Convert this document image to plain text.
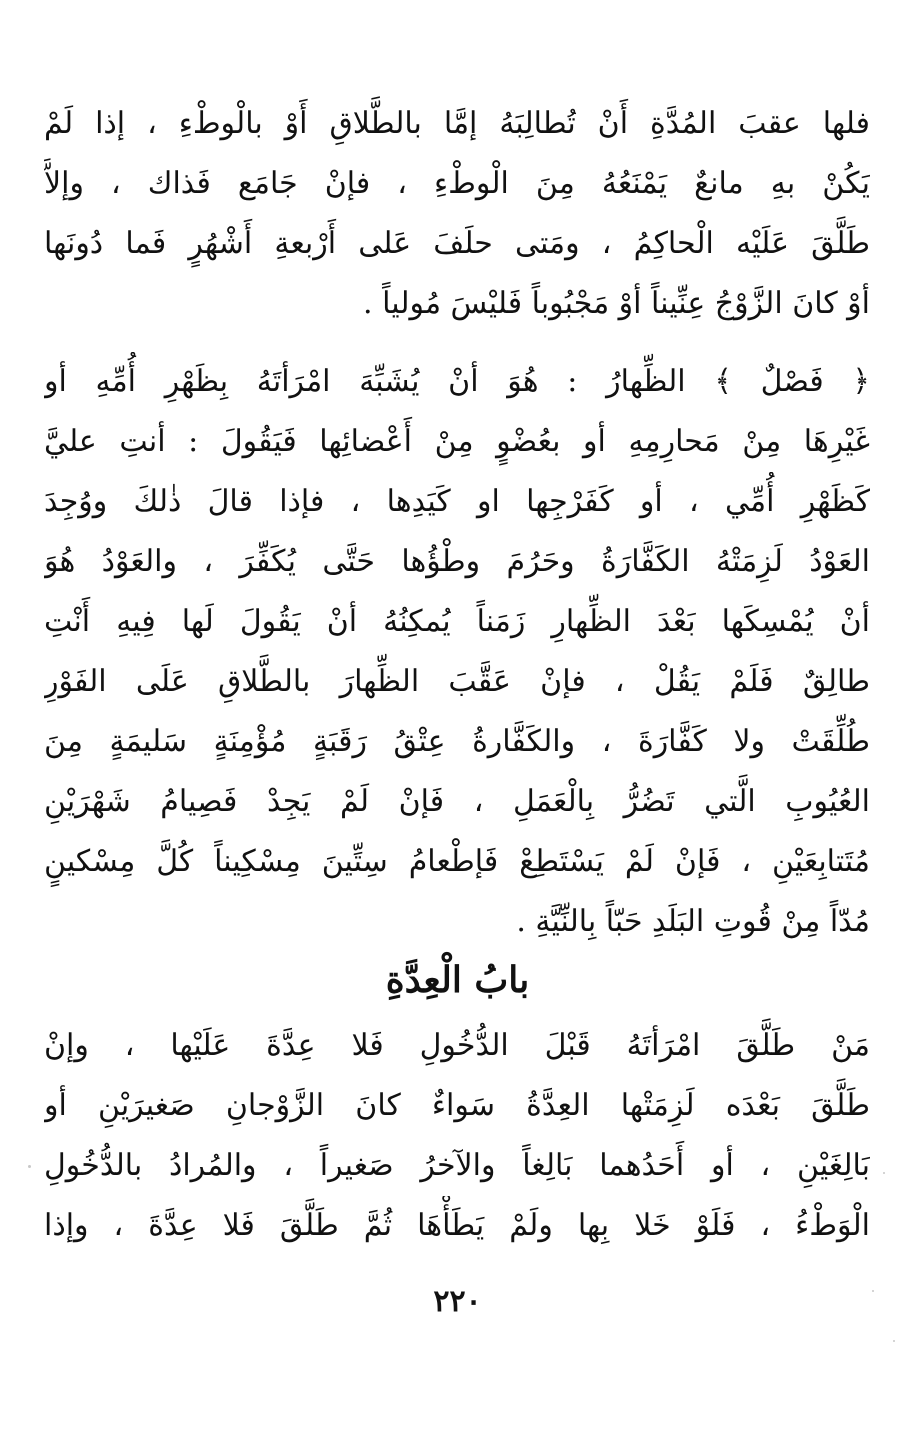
فلها عقبَ المُدَّةِ أَنْ تُطالِبَهُ إمَّا بالطَّلاقِ أَوْ بالْوطْءِ ، إذا لَمْ
يَكُنْ بهِ مانعٌ يَمْنَعُهُ مِنَ الْوطْءِ ، فإنْ جَامَع فَذاك ، وإلاَّ
طَلَّقَ عَلَيْه الْحاكِمُ ، ومَتى حلَفَ عَلى أَرْبعةِ أَشْهُرٍ فَما دُونَها
أوْ كانَ الزَّوْجُ عِنِّيناً أوْ مَجْبُوباً فَليْسَ مُولياً .
﴿ فَصْلٌ ﴾ الظِّهارُ : هُوَ أنْ يُشَبِّهَ امْرَأتَهُ بِظَهْرِ أُمِّهِ أو
غَيْرِهَا مِنْ مَحارِمِهِ أو بعُضْوٍ مِنْ أَعْضائِها فَيَقُولَ : أنتِ عليَّ
كَظَهْرِ أُمِّي ، أو كَفَرْجِها او كَيَدِها ، فإذا قالَ ذٰلكَ ووُجِدَ
العَوْدُ لَزِمَتْهُ الكَفَّارَةُ وحَرُمَ وطْؤُها حَتَّى يُكَفِّرَ ، والعَوْدُ هُوَ
أنْ يُمْسِكَها بَعْدَ الظِّهارِ زَمَناً يُمكِنُهُ أنْ يَقُولَ لَها فِيهِ أَنْتِ
طالِقٌ فَلَمْ يَقُلْ ، فإنْ عَقَّبَ الظِّهارَ بالطَّلاقِ عَلَى الفَوْرِ
طُلِّقَتْ ولا كَفَّارَةَ ، والكَفَّارةُ عِتْقُ رَقَبَةٍ مُؤْمِنَةٍ سَليمَةٍ مِنَ
العُيُوبِ الَّتي تَضُرُّ بِالْعَمَلِ ، فَإنْ لَمْ يَجِدْ فَصِيامُ شَهْرَيْنِ
مُتَتابِعَيْنِ ، فَإنْ لَمْ يَسْتَطِعْ فَإطْعامُ سِتِّينَ مِسْكِيناً كُلَّ مِسْكينٍ
مُدّاً مِنْ قُوتِ البَلَدِ حَبّاً بِالنِّيَّةِ .
بابُ الْعِدَّةِ
مَنْ طَلَّقَ امْرَأتَهُ قَبْلَ الدُّخُولِ فَلا عِدَّةَ عَلَيْها ، وإنْ
طَلَّقَ بَعْدَه لَزِمَتْها العِدَّةُ سَواءٌ كانَ الزَّوْجانِ صَغيرَيْنِ أو
بَالِغَيْنِ ، أو أَحَدُهما بَالِغاً والآخرُ صَغيراً ، والمُرادُ بالدُّخُولِ
الْوَطْءُ ، فَلَوْ خَلا بِها ولَمْ يَطَأْهَا ثُمَّ طَلَّقَ فَلا عِدَّةَ ، وإذا
٢٢٠
